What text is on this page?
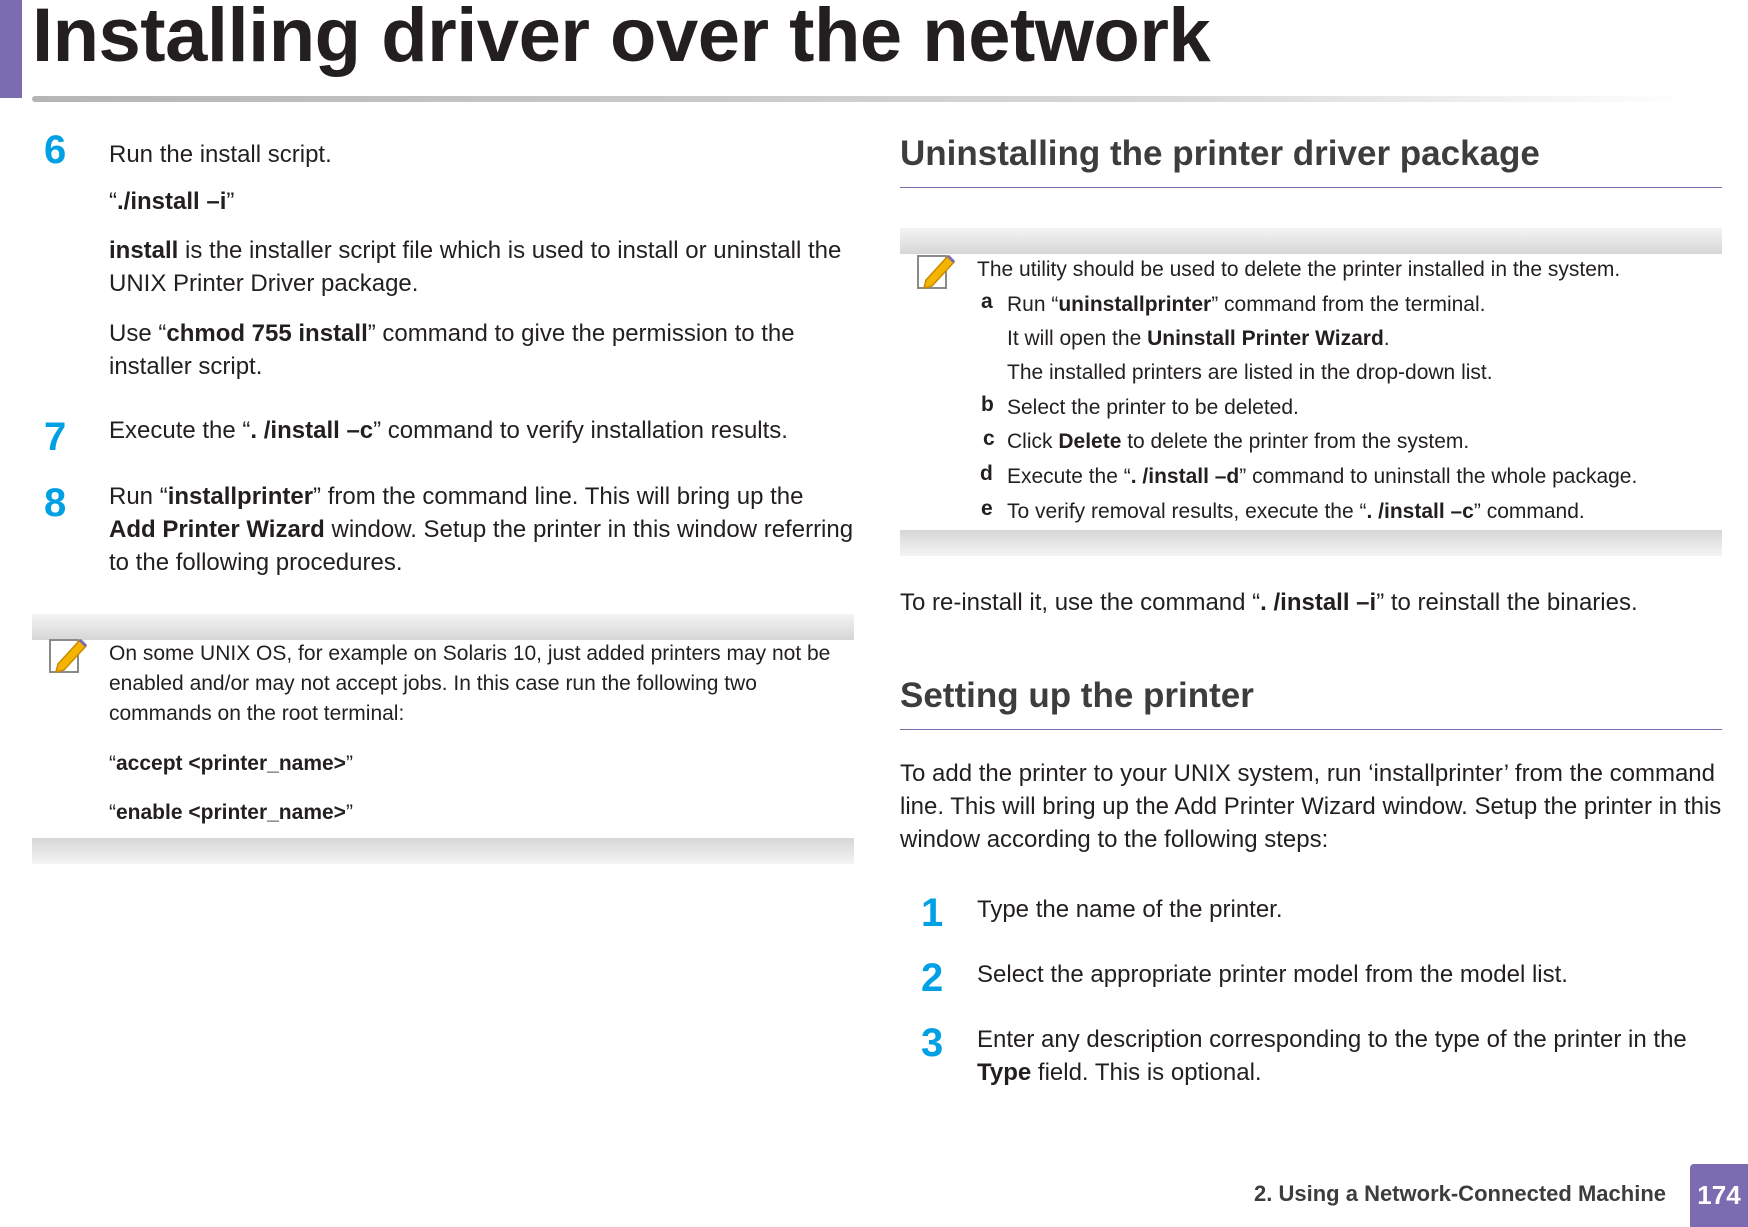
Installing driver over the network
6 Run the install script.

“./install –i”

install is the installer script file which is used to install or uninstall the UNIX Printer Driver package.

Use “chmod 755 install” command to give the permission to the installer script.

7 Execute the “. /install –c” command to verify installation results.

8 Run “installprinter” from the command line. This will bring up the Add Printer Wizard window. Setup the printer in this window referring to the following procedures.

On some UNIX OS, for example on Solaris 10, just added printers may not be enabled and/or may not accept jobs. In this case run the following two commands on the root terminal:

“accept <printer_name>”

“enable <printer_name>”

Uninstalling the printer driver package

The utility should be used to delete the printer installed in the system.

a Run “uninstallprinter” command from the terminal.

It will open the Uninstall Printer Wizard.

The installed printers are listed in the drop-down list.

b Select the printer to be deleted.

c Click Delete to delete the printer from the system.

d Execute the “. /install –d” command to uninstall the whole package.

e To verify removal results, execute the “. /install –c” command.

To re-install it, use the command “. /install –i” to reinstall the binaries.

Setting up the printer

To add the printer to your UNIX system, run ‘installprinter’ from the command line. This will bring up the Add Printer Wizard window. Setup the printer in this window according to the following steps:

1 Type the name of the printer.

2 Select the appropriate printer model from the model list.

3 Enter any description corresponding to the type of the printer in the Type field. This is optional.

2. Using a Network-Connected Machine 174
